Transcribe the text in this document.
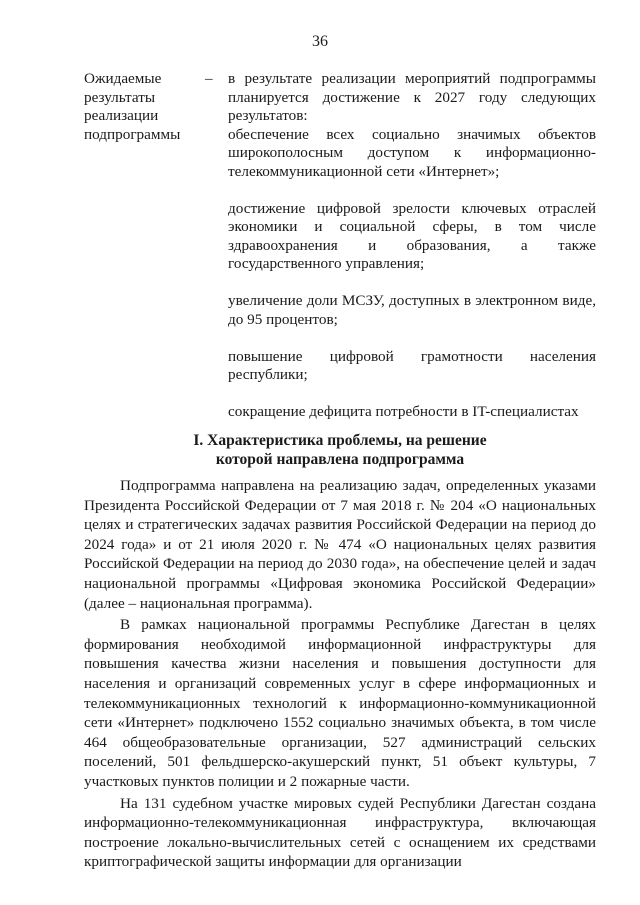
36
Ожидаемые результаты реализации подпрограммы
– в результате реализации мероприятий подпрограммы планируется достижение к 2027 году следующих результатов:

обеспечение всех социально значимых объектов широкополосным доступом к информационно-телекоммуникационной сети «Интернет»;

достижение цифровой зрелости ключевых отраслей экономики и социальной сферы, в том числе здравоохранения и образования, а также государственного управления;

увеличение доли МСЗУ, доступных в электронном виде, до 95 процентов;

повышение цифровой грамотности населения республики;

сокращение дефицита потребности в IT-специалистах

I. Характеристика проблемы, на решение
которой направлена подпрограмма

Подпрограмма направлена на реализацию задач, определенных указами Президента Российской Федерации от 7 мая 2018 г. № 204 «О национальных целях и стратегических задачах развития Российской Федерации на период до 2024 года» и от 21 июля 2020 г. № 474 «О национальных целях развития Российской Федерации на период до 2030 года», на обеспечение целей и задач национальной программы «Цифровая экономика Российской Федерации» (далее – национальная программа).

В рамках национальной программы Республике Дагестан в целях формирования необходимой информационной инфраструктуры для повышения качества жизни населения и повышения доступности для населения и организаций современных услуг в сфере информационных и телекоммуникационных технологий к информационно-коммуникационной сети «Интернет» подключено 1552 социально значимых объекта, в том числе 464 общеобразовательные организации, 527 администраций сельских поселений, 501 фельдшерско-акушерский пункт, 51 объект культуры, 7 участковых пунктов полиции и 2 пожарные части.

На 131 судебном участке мировых судей Республики Дагестан создана информационно-телекоммуникационная инфраструктура, включающая построение локально-вычислительных сетей с оснащением их средствами криптографической защиты информации для организации
